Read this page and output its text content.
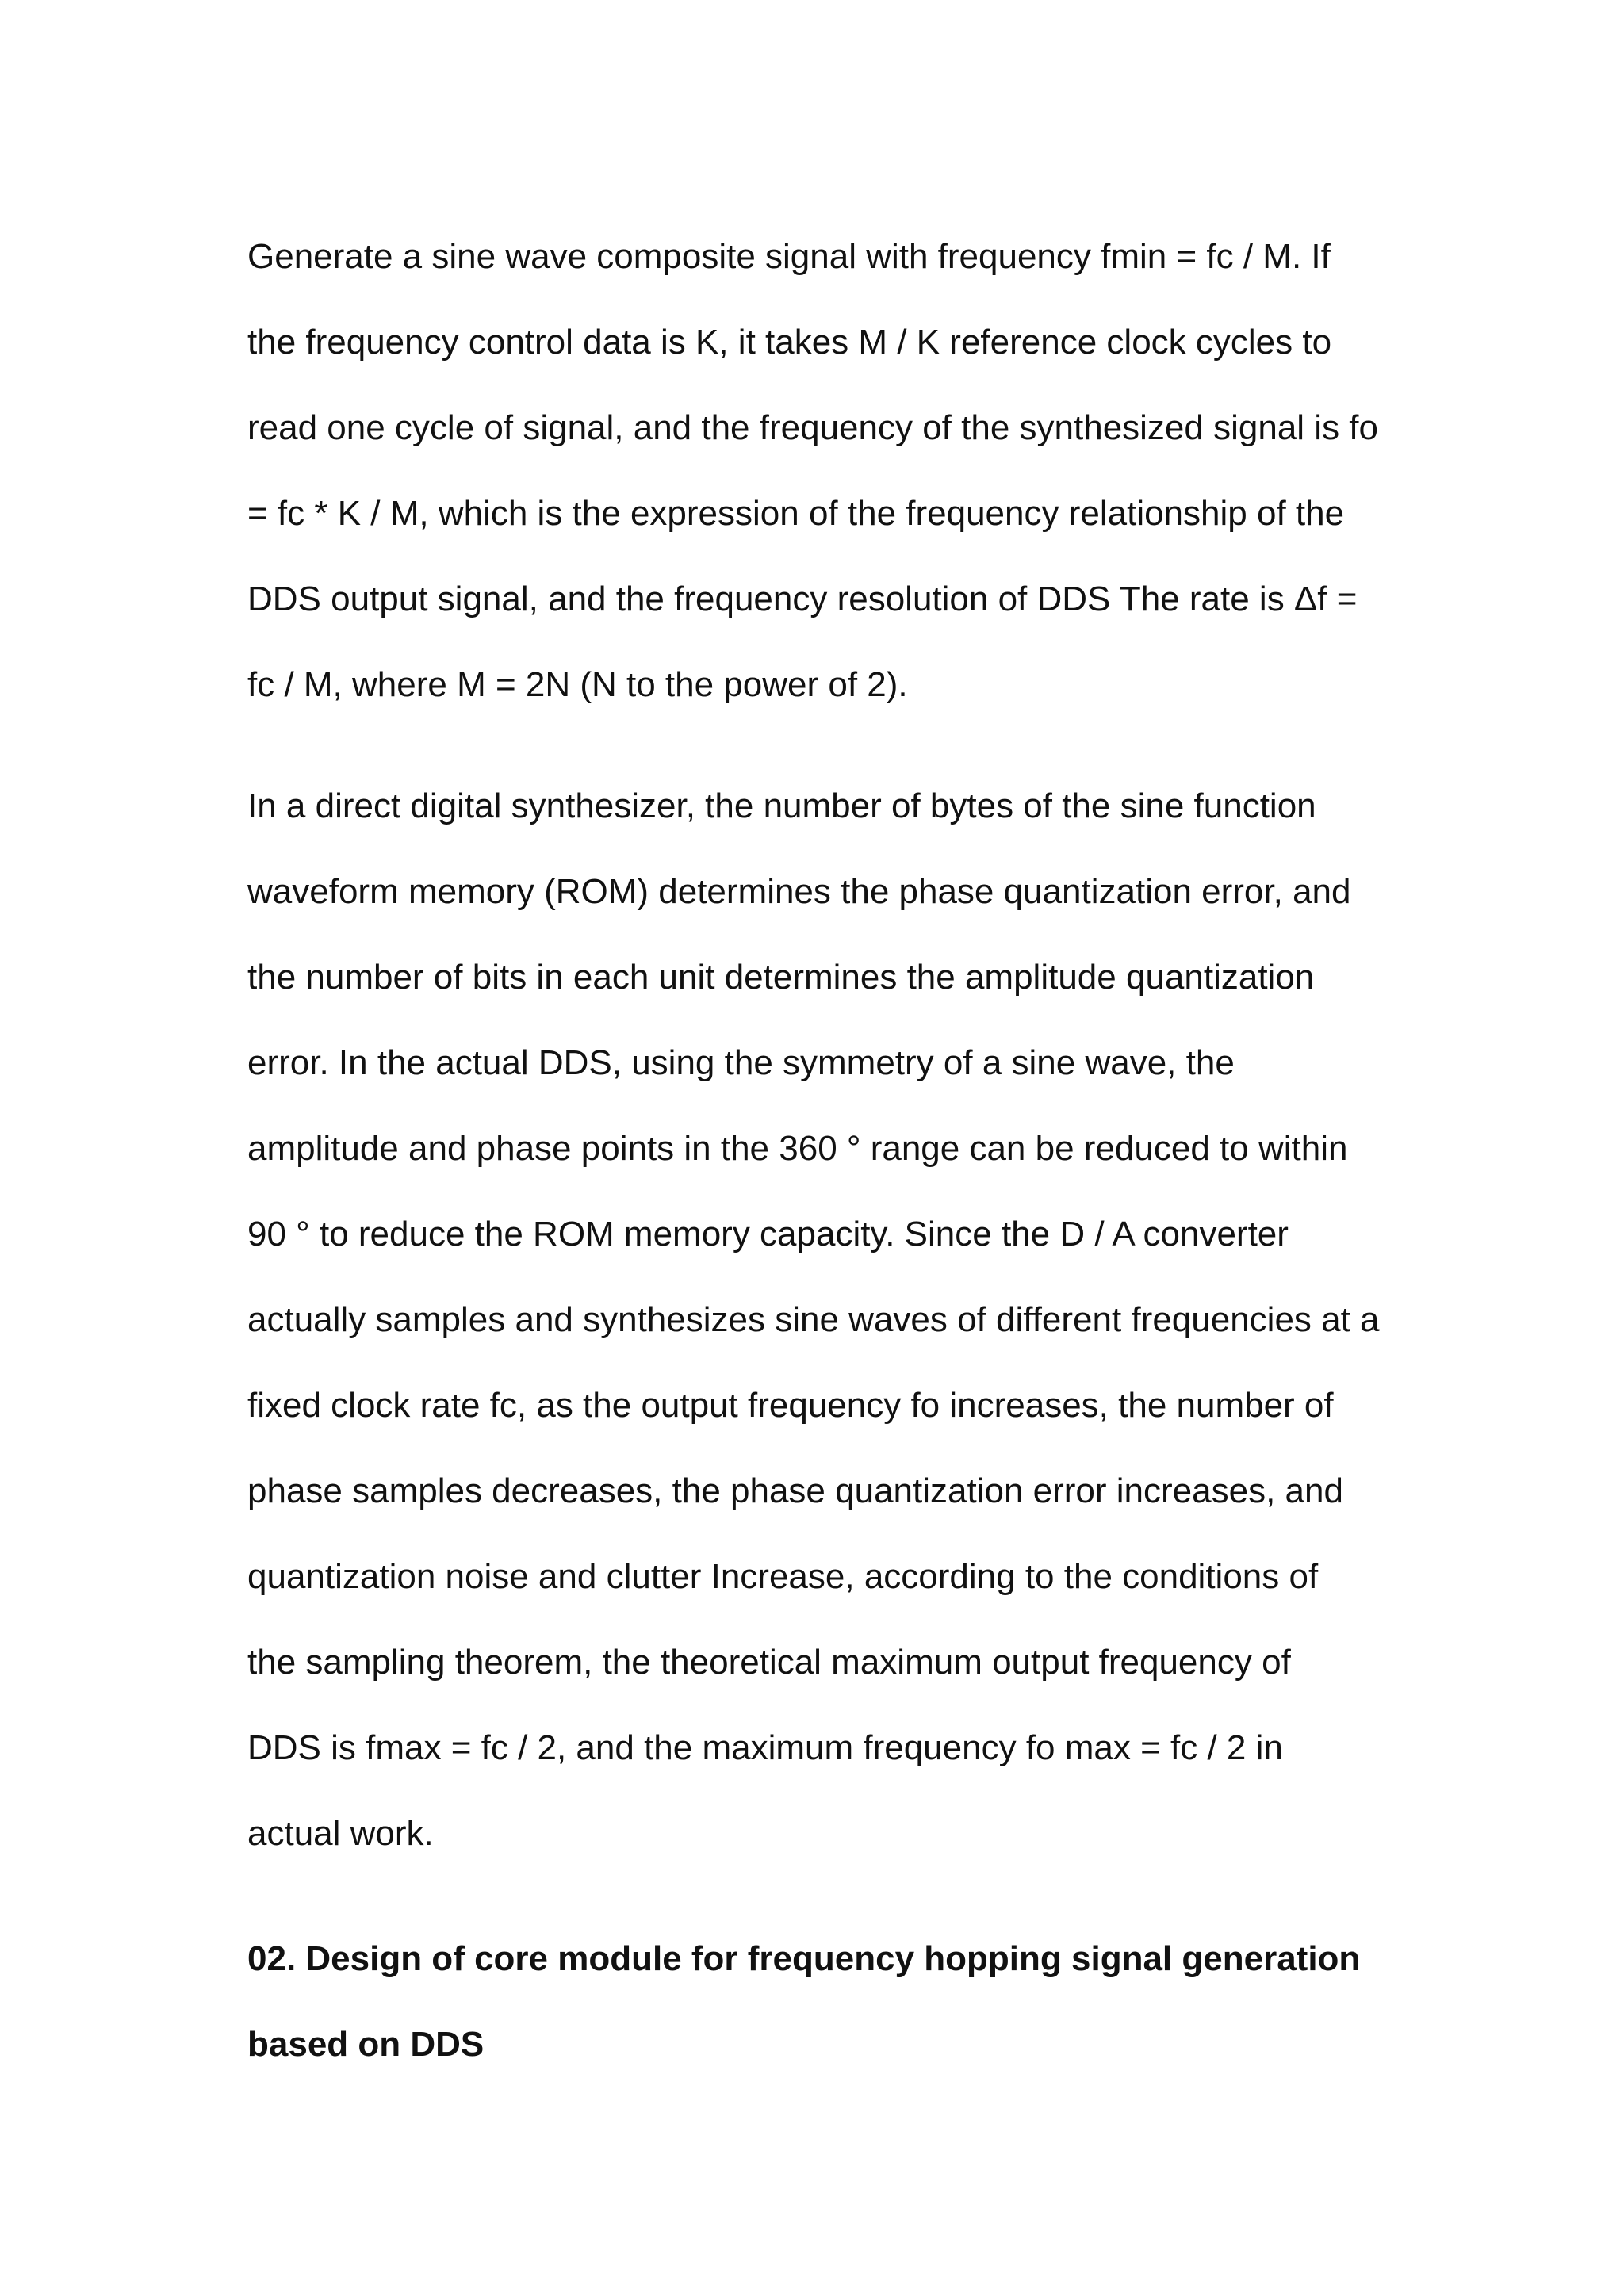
Generate a sine wave composite signal with frequency fmin = fc / M. If
the frequency control data is K, it takes M / K reference clock cycles to
read one cycle of signal, and the frequency of the synthesized signal is fo
= fc * K / M, which is the expression of the frequency relationship of the
DDS output signal, and the frequency resolution of DDS The rate is Δf =
fc / M, where M = 2N (N to the power of 2).

In a direct digital synthesizer, the number of bytes of the sine function
waveform memory (ROM) determines the phase quantization error, and
the number of bits in each unit determines the amplitude quantization
error. In the actual DDS, using the symmetry of a sine wave, the
amplitude and phase points in the 360 ° range can be reduced to within
90 ° to reduce the ROM memory capacity. Since the D / A converter
actually samples and synthesizes sine waves of different frequencies at a
fixed clock rate fc, as the output frequency fo increases, the number of
phase samples decreases, the phase quantization error increases, and
quantization noise and clutter Increase, according to the conditions of
the sampling theorem, the theoretical maximum output frequency of
DDS is fmax = fc / 2, and the maximum frequency fo max = fc / 2 in
actual work.

02. Design of core module for frequency hopping signal generation
based on DDS
